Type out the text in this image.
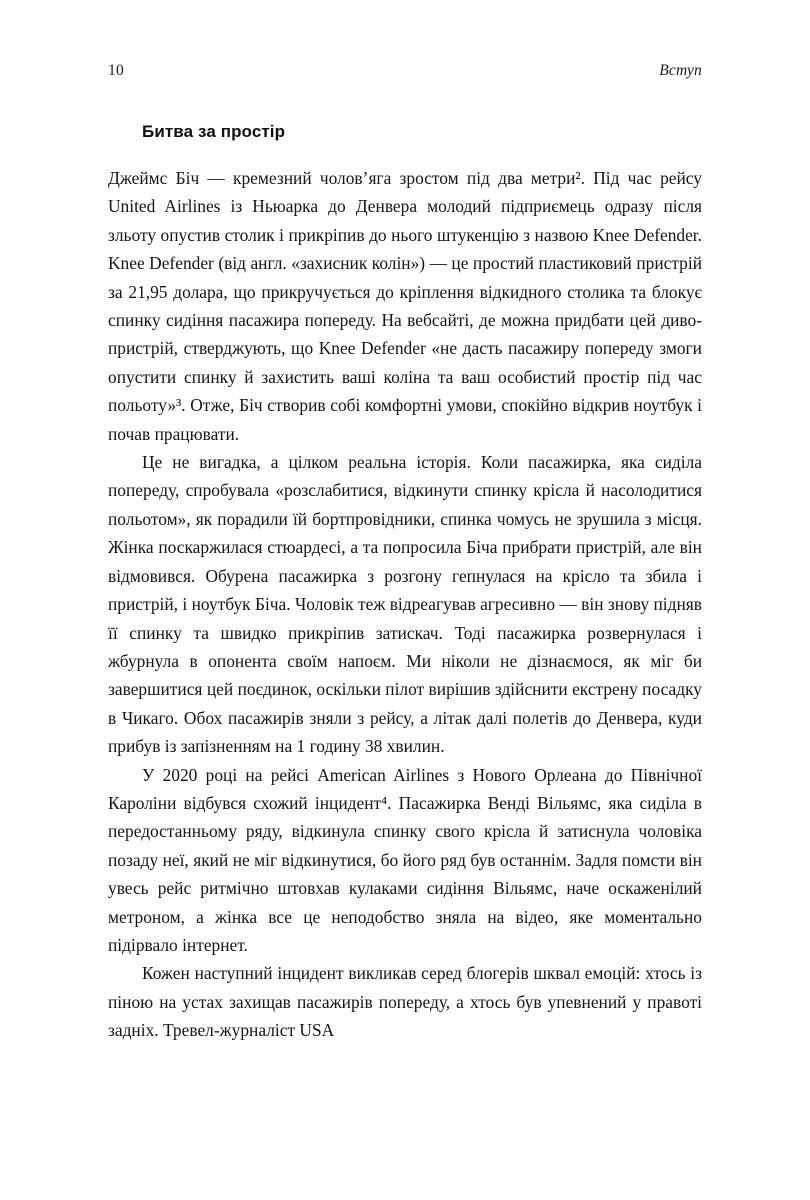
10	Вступ
Битва за простір

Джеймс Біч — кремезний чолов’яга зростом під два метри². Під час рейсу United Airlines із Ньюарка до Денвера молодий підприємець одразу після зльоту опустив столик і прикріпив до нього штукенцію з назвою Knee Defender. Knee Defender (від англ. «захисник колін») — це простий пластиковий пристрій за 21,95 долара, що прикручується до кріплення відкидного столика та блокує спинку сидіння пасажира попереду. На вебсайті, де можна придбати цей диво-пристрій, стверджують, що Knee Defender «не дасть пасажиру попереду змоги опустити спинку й захистить ваші коліна та ваш особистий простір під час польоту»³. Отже, Біч створив собі комфортні умови, спокійно відкрив ноутбук і почав працювати.

Це не вигадка, а цілком реальна історія. Коли пасажирка, яка сиділа попереду, спробувала «розслабитися, відкинути спинку крісла й насолодитися польотом», як порадили їй бортпровідники, спинка чомусь не зрушила з місця. Жінка поскаржилася стюардесі, а та попросила Біча прибрати пристрій, але він відмовився. Обурена пасажирка з розгону гепнулася на крісло та збила і пристрій, і ноутбук Біча. Чоловік теж відреагував агресивно — він знову підняв її спинку та швидко прикріпив затискач. Тоді пасажирка розвернулася і жбурнула в опонента своїм напоєм. Ми ніколи не дізнаємося, як міг би завершитися цей поєдинок, оскільки пілот вирішив здійснити екстрену посадку в Чикаго. Обох пасажирів зняли з рейсу, а літак далі полетів до Денвера, куди прибув із запізненням на 1 годину 38 хвилин.

У 2020 році на рейсі American Airlines з Нового Орлеана до Північної Кароліни відбувся схожий інцидент⁴. Пасажирка Венді Вільямс, яка сиділа в передостанньому ряду, відкинула спинку свого крісла й затиснула чоловіка позаду неї, який не міг відкинутися, бо його ряд був останнім. Задля помсти він увесь рейс ритмічно штовхав кулаками сидіння Вільямс, наче оскаженілий метроном, а жінка все це неподобство зняла на відео, яке моментально підірвало інтернет.

Кожен наступний інцидент викликав серед блогерів шквал емоцій: хтось із піною на устах захищав пасажирів попереду, а хтось був упевнений у правоті задніх. Тревел-журналіст USA
